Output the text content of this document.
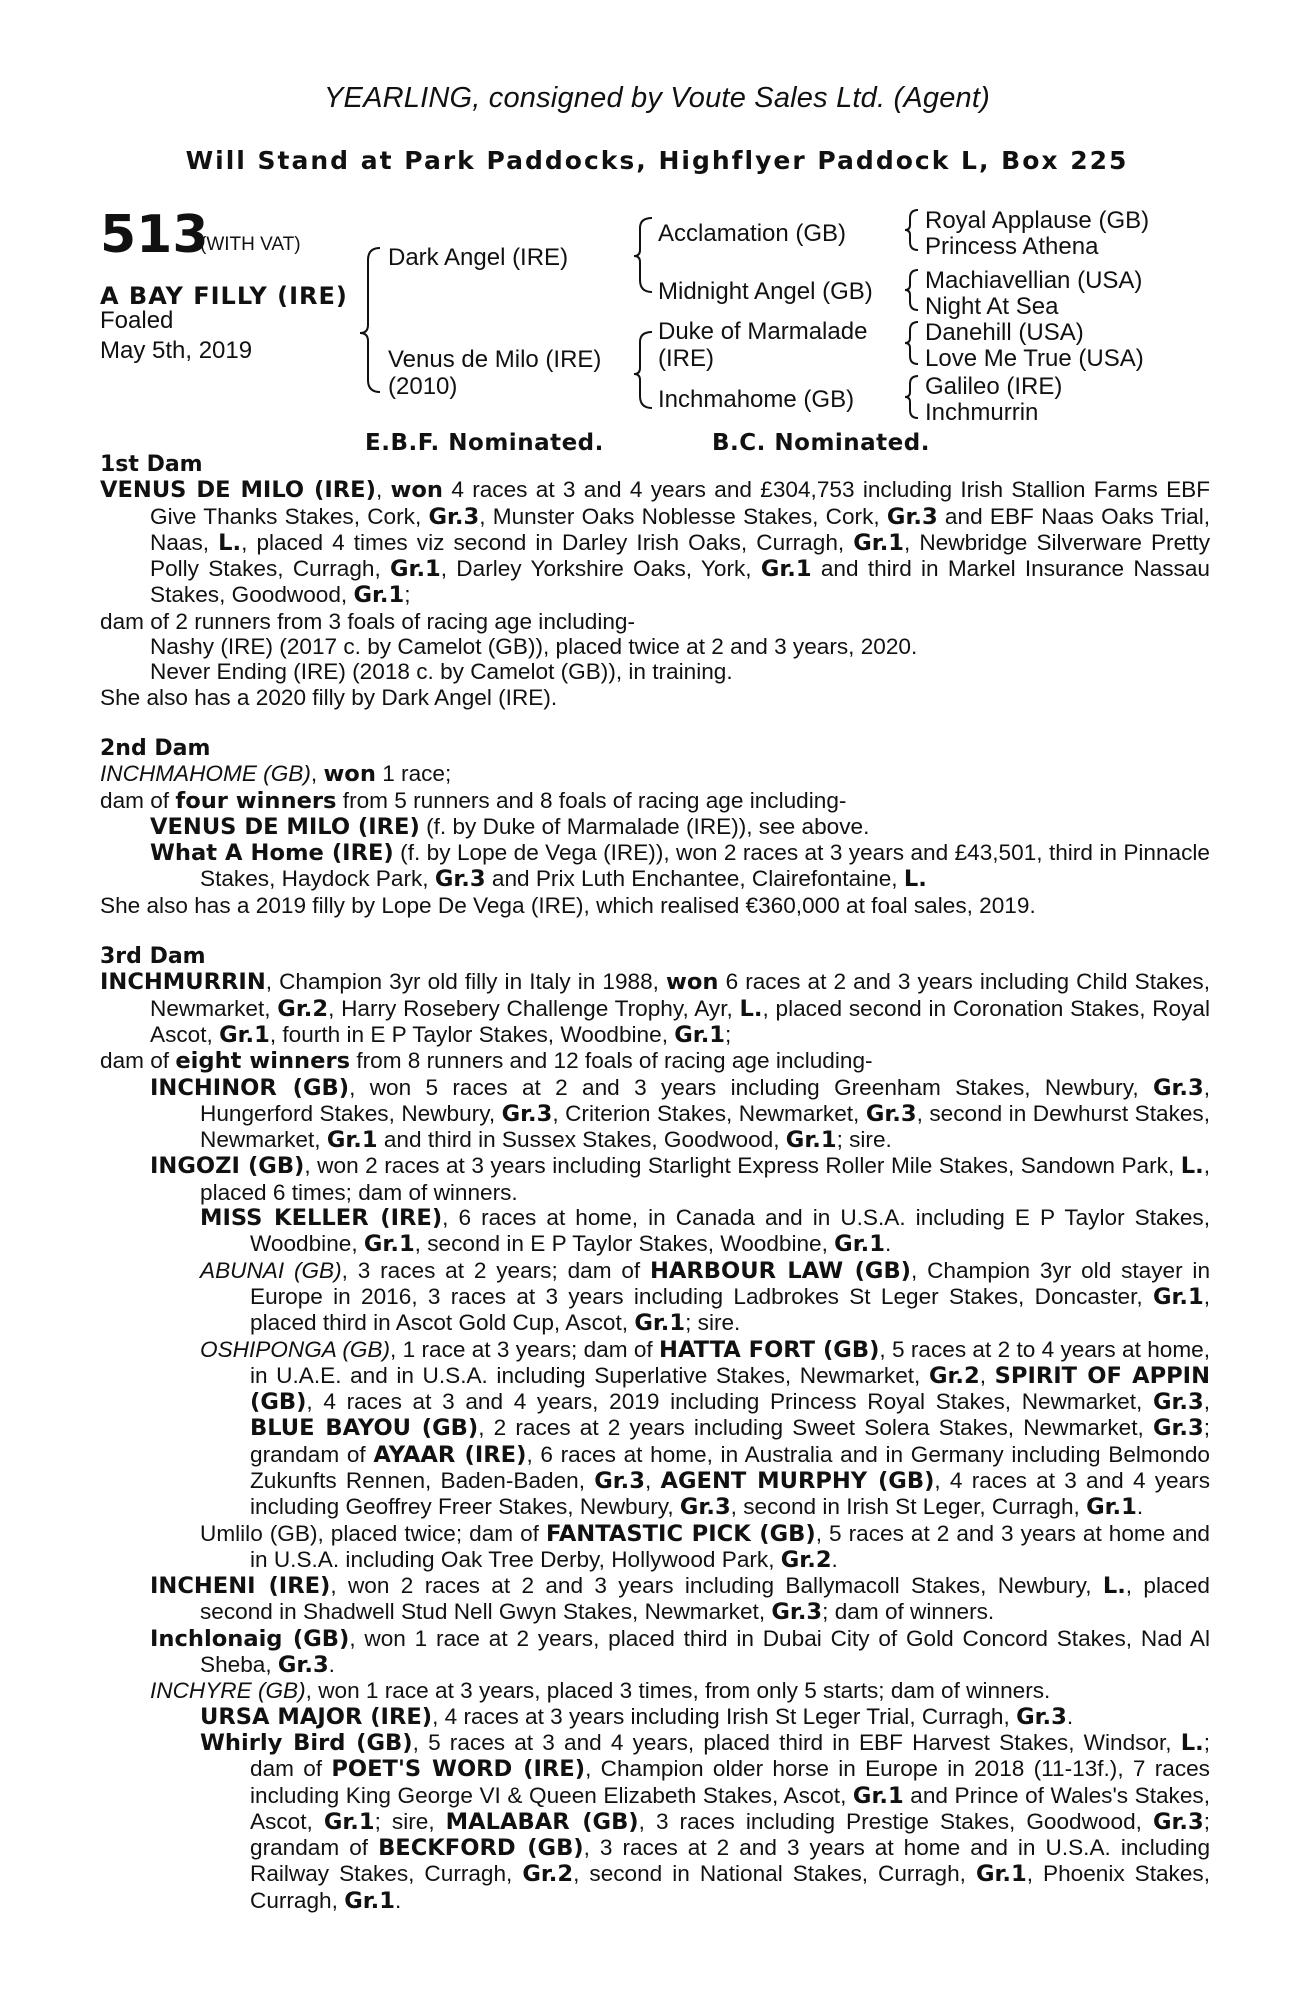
YEARLING, consigned by Voute Sales Ltd. (Agent)
Will Stand at Park Paddocks, Highflyer Paddock L, Box 225
513
(WITH VAT)
A BAY FILLY (IRE)
Foaled
May 5th, 2019
Dark Angel (IRE)
Venus de Milo (IRE)
(2010)
Acclamation (GB)
Midnight Angel (GB)
Duke of Marmalade
(IRE)
Inchmahome (GB)
Royal Applause (GB)
Princess Athena
Machiavellian (USA)
Night At Sea
Danehill (USA)
Love Me True (USA)
Galileo (IRE)
Inchmurrin
E.B.F. Nominated.	B.C. Nominated.

1st Dam

VENUS DE MILO (IRE), won 4 races at 3 and 4 years and £304,753 including Irish Stallion Farms EBF Give Thanks Stakes, Cork, Gr.3, Munster Oaks Noblesse Stakes, Cork, Gr.3 and EBF Naas Oaks Trial, Naas, L., placed 4 times viz second in Darley Irish Oaks, Curragh, Gr.1, Newbridge Silverware Pretty Polly Stakes, Curragh, Gr.1, Darley Yorkshire Oaks, York, Gr.1 and third in Markel Insurance Nassau Stakes, Goodwood, Gr.1;

dam of 2 runners from 3 foals of racing age including-

Nashy (IRE) (2017 c. by Camelot (GB)), placed twice at 2 and 3 years, 2020.

Never Ending (IRE) (2018 c. by Camelot (GB)), in training.

She also has a 2020 filly by Dark Angel (IRE).

2nd Dam

INCHMAHOME (GB), won 1 race;

dam of four winners from 5 runners and 8 foals of racing age including-

VENUS DE MILO (IRE) (f. by Duke of Marmalade (IRE)), see above.

What A Home (IRE) (f. by Lope de Vega (IRE)), won 2 races at 3 years and £43,501, third in Pinnacle Stakes, Haydock Park, Gr.3 and Prix Luth Enchantee, Clairefontaine, L.

She also has a 2019 filly by Lope De Vega (IRE), which realised €360,000 at foal sales, 2019.

3rd Dam

INCHMURRIN, Champion 3yr old filly in Italy in 1988, won 6 races at 2 and 3 years including Child Stakes, Newmarket, Gr.2, Harry Rosebery Challenge Trophy, Ayr, L., placed second in Coronation Stakes, Royal Ascot, Gr.1, fourth in E P Taylor Stakes, Woodbine, Gr.1;

dam of eight winners from 8 runners and 12 foals of racing age including-

INCHINOR (GB), won 5 races at 2 and 3 years including Greenham Stakes, Newbury, Gr.3, Hungerford Stakes, Newbury, Gr.3, Criterion Stakes, Newmarket, Gr.3, second in Dewhurst Stakes, Newmarket, Gr.1 and third in Sussex Stakes, Goodwood, Gr.1; sire.

INGOZI (GB), won 2 races at 3 years including Starlight Express Roller Mile Stakes, Sandown Park, L., placed 6 times; dam of winners.

MISS KELLER (IRE), 6 races at home, in Canada and in U.S.A. including E P Taylor Stakes, Woodbine, Gr.1, second in E P Taylor Stakes, Woodbine, Gr.1.

ABUNAI (GB), 3 races at 2 years; dam of HARBOUR LAW (GB), Champion 3yr old stayer in Europe in 2016, 3 races at 3 years including Ladbrokes St Leger Stakes, Doncaster, Gr.1, placed third in Ascot Gold Cup, Ascot, Gr.1; sire.

OSHIPONGA (GB), 1 race at 3 years; dam of HATTA FORT (GB), 5 races at 2 to 4 years at home, in U.A.E. and in U.S.A. including Superlative Stakes, Newmarket, Gr.2, SPIRIT OF APPIN (GB), 4 races at 3 and 4 years, 2019 including Princess Royal Stakes, Newmarket, Gr.3, BLUE BAYOU (GB), 2 races at 2 years including Sweet Solera Stakes, Newmarket, Gr.3; grandam of AYAAR (IRE), 6 races at home, in Australia and in Germany including Belmondo Zukunfts Rennen, Baden-Baden, Gr.3, AGENT MURPHY (GB), 4 races at 3 and 4 years including Geoffrey Freer Stakes, Newbury, Gr.3, second in Irish St Leger, Curragh, Gr.1.

Umlilo (GB), placed twice; dam of FANTASTIC PICK (GB), 5 races at 2 and 3 years at home and in U.S.A. including Oak Tree Derby, Hollywood Park, Gr.2.

INCHENI (IRE), won 2 races at 2 and 3 years including Ballymacoll Stakes, Newbury, L., placed second in Shadwell Stud Nell Gwyn Stakes, Newmarket, Gr.3; dam of winners.

Inchlonaig (GB), won 1 race at 2 years, placed third in Dubai City of Gold Concord Stakes, Nad Al Sheba, Gr.3.

INCHYRE (GB), won 1 race at 3 years, placed 3 times, from only 5 starts; dam of winners.

URSA MAJOR (IRE), 4 races at 3 years including Irish St Leger Trial, Curragh, Gr.3.

Whirly Bird (GB), 5 races at 3 and 4 years, placed third in EBF Harvest Stakes, Windsor, L.; dam of POET'S WORD (IRE), Champion older horse in Europe in 2018 (11-13f.), 7 races including King George VI & Queen Elizabeth Stakes, Ascot, Gr.1 and Prince of Wales's Stakes, Ascot, Gr.1; sire, MALABAR (GB), 3 races including Prestige Stakes, Goodwood, Gr.3; grandam of BECKFORD (GB), 3 races at 2 and 3 years at home and in U.S.A. including Railway Stakes, Curragh, Gr.2, second in National Stakes, Curragh, Gr.1, Phoenix Stakes, Curragh, Gr.1.
